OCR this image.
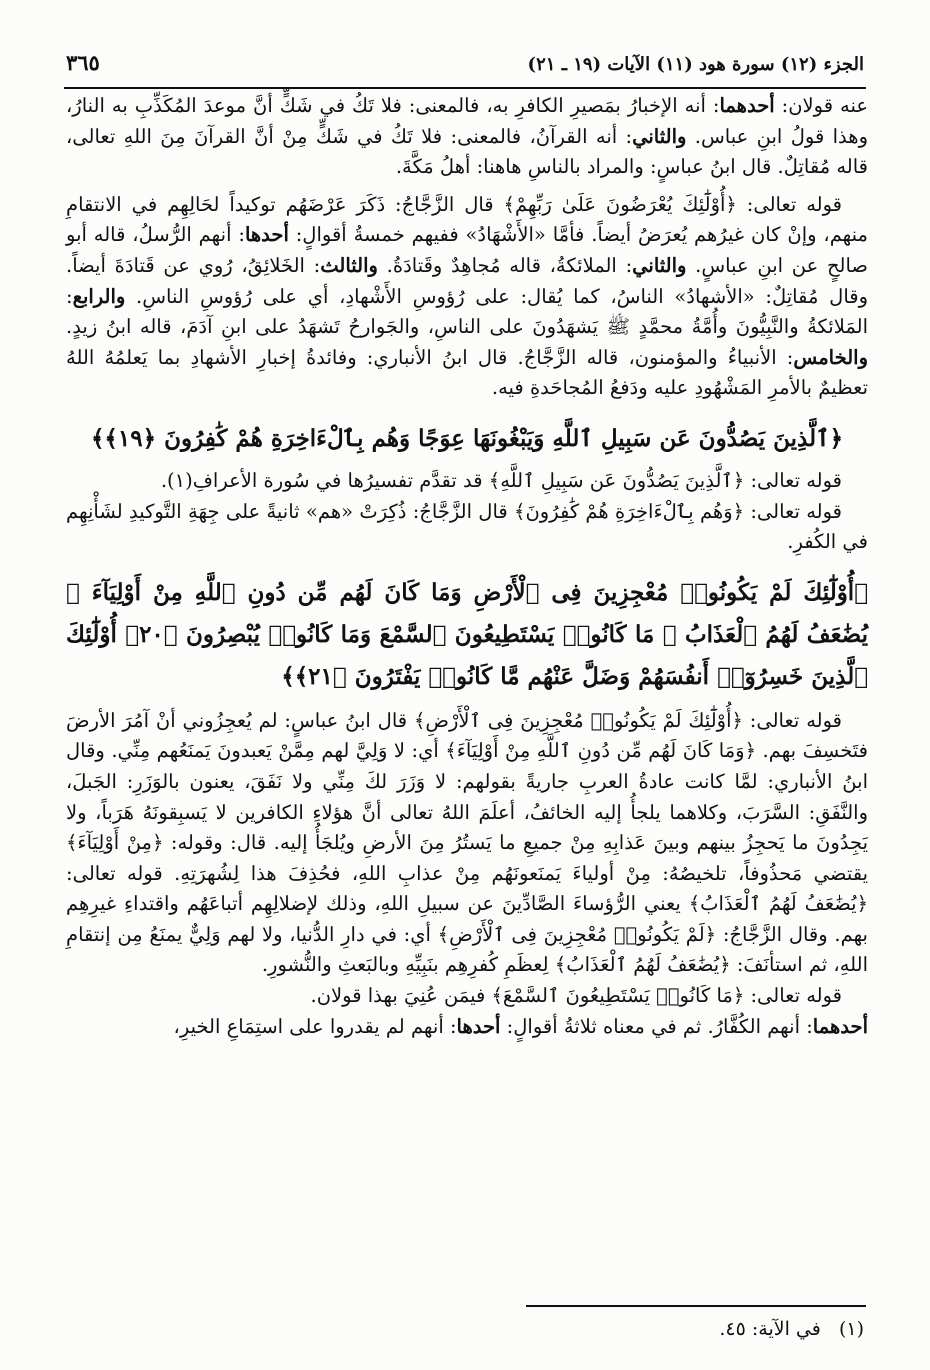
٣٦٥	الجزء (١٢) سورة هود (١١) الآيات (١٩ ـ ٢١)

عنه قولان: أحدهما: أنه الإخبارُ بمَصيرِ الكافرِ به، فالمعنى: فلا تَكُ في شَكٍّ أنَّ موعدَ المُكَذِّبِ به النارُ، وهذا قولُ ابنِ عباس. والثاني: أنه القرآنُ، فالمعنى: فلا تَكُ في شَكٍّ مِنْ أنَّ القرآنَ مِنَ اللهِ تعالى، قاله مُقاتِلٌ. قال ابنُ عباسٍ: والمراد بالناسِ هاهنا: أهلُ مَكَّةَ.

قوله تعالى: ﴿أُوْلَٰٓئِكَ يُعْرَضُونَ عَلَىٰ رَبِّهِمْ﴾ قال الزَّجَّاجُ: ذَكَرَ عَرْضَهُم توكيداً لحَالِهِم في الانتقامِ منهم، وإنْ كان غيرُهم يُعرَضُ أيضاً. فأمَّا «الأَشْهَادُ» ففيهم خمسةُ أقوالٍ: أحدها: أنهم الرُّسلُ، قاله أبو صالحٍ عن ابنِ عباسٍ. والثاني: الملائكةُ، قاله مُجاهِدٌ وقَتادَةُ. والثالث: الخَلائِقُ، رُوي عن قَتادَةَ أيضاً. وقال مُقاتِلٌ: «الأشهادُ» الناسُ، كما يُقال: على رُؤوسِ الأَشْهادِ، أي على رُؤوسِ الناسِ. والرابع: المَلائكةُ والنَّبِيُّونَ وأُمَّةُ محمَّدٍ ﷺ يَشهَدُونَ على الناسِ، والجَوارحُ تَشهَدُ على ابنِ آدَمَ، قاله ابنُ زيدٍ. والخامس: الأنبياءُ والمؤمنون، قاله الزَّجَّاجُ. قال ابنُ الأنباري: وفائدةُ إخبارِ الأشهادِ بما يَعلمُهُ اللهُ تعظيمٌ بالأمرِ المَشْهُودِ عليه ودَفعُ المُجاحَدةِ فيه.

﴿ٱلَّذِينَ يَصُدُّونَ عَن سَبِيلِ ٱللَّهِ وَيَبْغُونَهَا عِوَجًا وَهُم بِٱلْءَاخِرَةِ هُمْ كَٰفِرُونَ ﴿١٩﴾﴾

قوله تعالى: ﴿ٱلَّذِينَ يَصُدُّونَ عَن سَبِيلِ ٱللَّهِ﴾ قد تقدَّم تفسيرُها في سُورة الأعرافِ(١).

قوله تعالى: ﴿وَهُم بِٱلْءَاخِرَةِ هُمْ كَٰفِرُونَ﴾ قال الزَّجَّاجُ: ذُكِرَتْ «هم» ثانيةً على جِهَةِ التَّوكيدِ لشَأْنِهِم في الكُفرِ.

﴿أُوْلَٰٓئِكَ لَمْ يَكُونُوا۟ مُعْجِزِينَ فِى ٱلْأَرْضِ وَمَا كَانَ لَهُم مِّن دُونِ ٱللَّهِ مِنْ أَوْلِيَآءَ ۘ يُضَٰعَفُ لَهُمُ ٱلْعَذَابُ ۚ مَا كَانُوا۟ يَسْتَطِيعُونَ ٱلسَّمْعَ وَمَا كَانُوا۟ يُبْصِرُونَ ﴿٢٠﴾ أُوْلَٰٓئِكَ ٱلَّذِينَ خَسِرُوٓا۟ أَنفُسَهُمْ وَضَلَّ عَنْهُم مَّا كَانُوا۟ يَفْتَرُونَ ﴿٢١﴾﴾

قوله تعالى: ﴿أُوْلَٰٓئِكَ لَمْ يَكُونُوا۟ مُعْجِزِينَ فِى ٱلْأَرْضِ﴾ قال ابنُ عباسٍ: لم يُعجِزُوني أنْ آمُرَ الأرضَ فتَخسِفَ بهم. ﴿وَمَا كَانَ لَهُم مِّن دُونِ ٱللَّهِ مِنْ أَوْلِيَآءَ﴾ أي: لا وَلِيَّ لهم مِمَّنْ يَعبدونَ يَمنَعُهم مِنِّي. وقال ابنُ الأنباري: لمَّا كانت عادةُ العربِ جاريةً بقولهم: لا وَزَرَ لكَ مِنِّي ولا نَفَقَ، يعنون بالوَزَرِ: الجَبلَ، والنَّفَقِ: السَّرَبَ، وكلاهما يلجأُ إليه الخائفُ، أعلَمَ اللهُ تعالى أنَّ هؤلاءِ الكافرين لا يَسبِقونَهُ هَرَباً، ولا يَجِدُونَ ما يَحجِزُ بينهم وبينَ عَذابِهِ مِنْ جميعِ ما يَستُرُ مِنَ الأرضِ ويُلجَأُ إليه. قال: وقوله: ﴿مِنْ أَوْلِيَآءَ﴾ يقتضي مَحذُوفاً، تلخيصُهُ: مِنْ أولياءَ يَمنَعونَهُم مِنْ عذابِ اللهِ، فحُذِفَ هذا لِشُهرَتِهِ. قوله تعالى: ﴿يُضَٰعَفُ لَهُمُ ٱلْعَذَابُ﴾ يعني الرُّؤساءَ الصَّادِّينَ عن سبيلِ اللهِ، وذلك لإضلالِهِم أتباعَهُم واقتداءِ غيرِهِم بهم. وقال الزَّجَّاجُ: ﴿لَمْ يَكُونُوا۟ مُعْجِزِينَ فِى ٱلْأَرْضِ﴾ أي: في دارِ الدُّنيا، ولا لهم وَلِيٌّ يمنَعُ مِن إنتقامِ اللهِ، ثم استأنَفَ: ﴿يُضَٰعَفُ لَهُمُ ٱلْعَذَابُ﴾ لِعظَمِ كُفرِهِم بنَبِيِّهِ وبالبَعثِ والنُّشورِ.

قوله تعالى: ﴿مَا كَانُوا۟ يَسْتَطِيعُونَ ٱلسَّمْعَ﴾ فيمَن عُنِيَ بهذا قولان.

أحدهما: أنهم الكُفَّارُ. ثم في معناه ثلاثةُ أقوالٍ: أحدها: أنهم لم يقدروا على استِمَاعِ الخيرِ،

(١)   في الآية: ٤٥.
